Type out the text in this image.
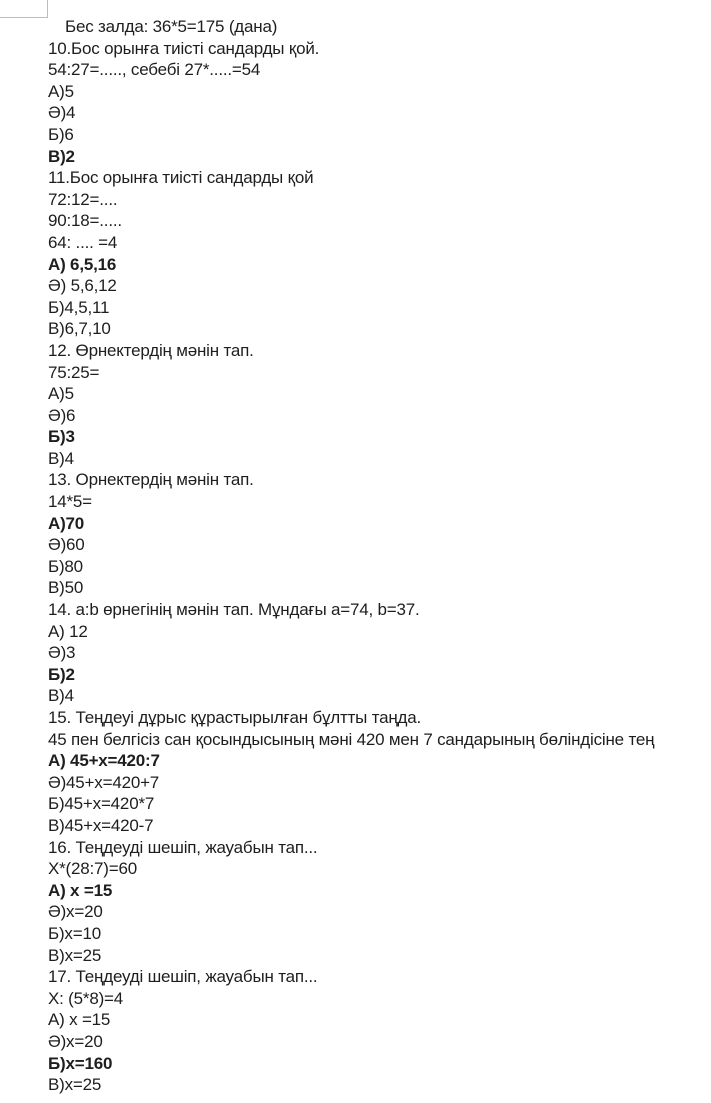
Бес залда: 36*5=175 (дана)
10.Бос орынға тиісті сандарды қой.
54:27=....., себебі 27*.....=54
А)5
Ә)4
Б)6
В)2
11.Бос орынға тиісті сандарды қой
72:12=....
90:18=.....
64: .... =4
А) 6,5,16
Ә) 5,6,12
Б)4,5,11
В)6,7,10
12. Өрнектердің мәнін тап.
75:25=
А)5
Ә)6
Б)3
В)4
13. Орнектердің мәнін тап.
14*5=
А)70
Ә)60
Б)80
В)50
14. a:b өрнегінің мәнін тап. Мұндағы a=74, b=37.
А) 12
Ә)3
Б)2
В)4
15. Теңдеуі дұрыс құрастырылған бұлтты таңда.
45 пен белгісіз сан қосындысының мәні 420 мен 7 сандарының бөліндісіне тең
А) 45+x=420:7
Ә)45+x=420+7
Б)45+x=420*7
В)45+x=420-7
16. Теңдеуді шешіп, жауабын тап...
X*(28:7)=60
А) x =15
Ә)x=20
Б)x=10
В)x=25
17. Теңдеуді шешіп, жауабын тап...
X: (5*8)=4
А) x =15
Ә)x=20
Б)x=160
В)x=25
